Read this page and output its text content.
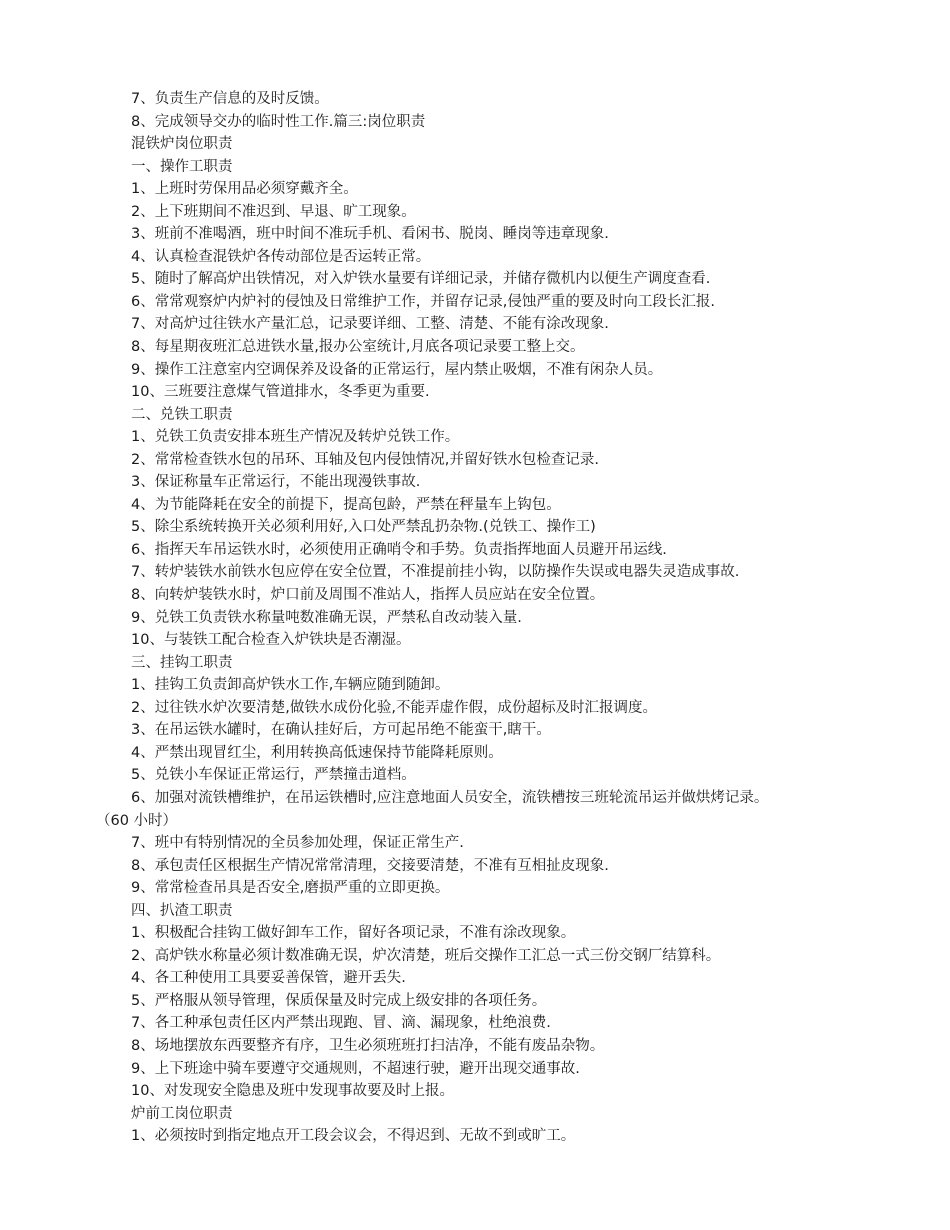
7、负责生产信息的及时反馈。
8、完成领导交办的临时性工作.篇三:岗位职责
混铁炉岗位职责
一、操作工职责
1、上班时劳保用品必须穿戴齐全。
2、上下班期间不准迟到、早退、旷工现象。
3、班前不准喝酒，班中时间不准玩手机、看闲书、脱岗、睡岗等违章现象.
4、认真检查混铁炉各传动部位是否运转正常。
5、随时了解高炉出铁情况，对入炉铁水量要有详细记录，并储存微机内以便生产调度查看.
6、常常观察炉内炉衬的侵蚀及日常维护工作，并留存记录,侵蚀严重的要及时向工段长汇报.
7、对高炉过往铁水产量汇总，记录要详细、工整、清楚、不能有涂改现象.
8、每星期夜班汇总进铁水量,报办公室统计,月底各项记录要工整上交。
9、操作工注意室内空调保养及设备的正常运行，屋内禁止吸烟，不准有闲杂人员。
10、三班要注意煤气管道排水，冬季更为重要.
二、兑铁工职责
1、兑铁工负责安排本班生产情况及转炉兑铁工作。
2、常常检查铁水包的吊环、耳轴及包内侵蚀情况,并留好铁水包检查记录.
3、保证称量车正常运行，不能出现漫铁事故.
4、为节能降耗在安全的前提下，提高包龄，严禁在秤量车上钩包。
5、除尘系统转换开关必须利用好,入口处严禁乱扔杂物.(兑铁工、操作工)
6、指挥天车吊运铁水时，必须使用正确哨令和手势。负责指挥地面人员避开吊运线.
7、转炉装铁水前铁水包应停在安全位置，不准提前挂小钩，以防操作失误或电器失灵造成事故.
8、向转炉装铁水时，炉口前及周围不准站人，指挥人员应站在安全位置。
9、兑铁工负责铁水称量吨数准确无误，严禁私自改动装入量.
10、与装铁工配合检查入炉铁块是否潮湿。
三、挂钩工职责
1、挂钩工负责卸高炉铁水工作,车辆应随到随卸。
2、过往铁水炉次要清楚,做铁水成份化验,不能弄虚作假，成份超标及时汇报调度。
3、在吊运铁水罐时，在确认挂好后，方可起吊绝不能蛮干,瞎干。
4、严禁出现冒红尘，利用转换高低速保持节能降耗原则。
5、兑铁小车保证正常运行，严禁撞击道档。
6、加强对流铁槽维护，在吊运铁槽时,应注意地面人员安全，流铁槽按三班轮流吊运并做烘烤记录。
（60 小时）
7、班中有特别情况的全员参加处理，保证正常生产.
8、承包责任区根据生产情况常常清理，交接要清楚，不准有互相扯皮现象.
9、常常检查吊具是否安全,磨损严重的立即更换。
四、扒渣工职责
1、积极配合挂钩工做好卸车工作，留好各项记录，不准有涂改现象。
2、高炉铁水称量必须计数准确无误，炉次清楚，班后交操作工汇总一式三份交钢厂结算科。
4、各工种使用工具要妥善保管，避开丢失.
5、严格服从领导管理，保质保量及时完成上级安排的各项任务。
7、各工种承包责任区内严禁出现跑、冒、滴、漏现象，杜绝浪费.
8、场地摆放东西要整齐有序，卫生必须班班打扫洁净，不能有废品杂物。
9、上下班途中骑车要遵守交通规则，不超速行驶，避开出现交通事故.
10、对发现安全隐患及班中发现事故要及时上报。
炉前工岗位职责
1、必须按时到指定地点开工段会议会，不得迟到、无故不到或旷工。
